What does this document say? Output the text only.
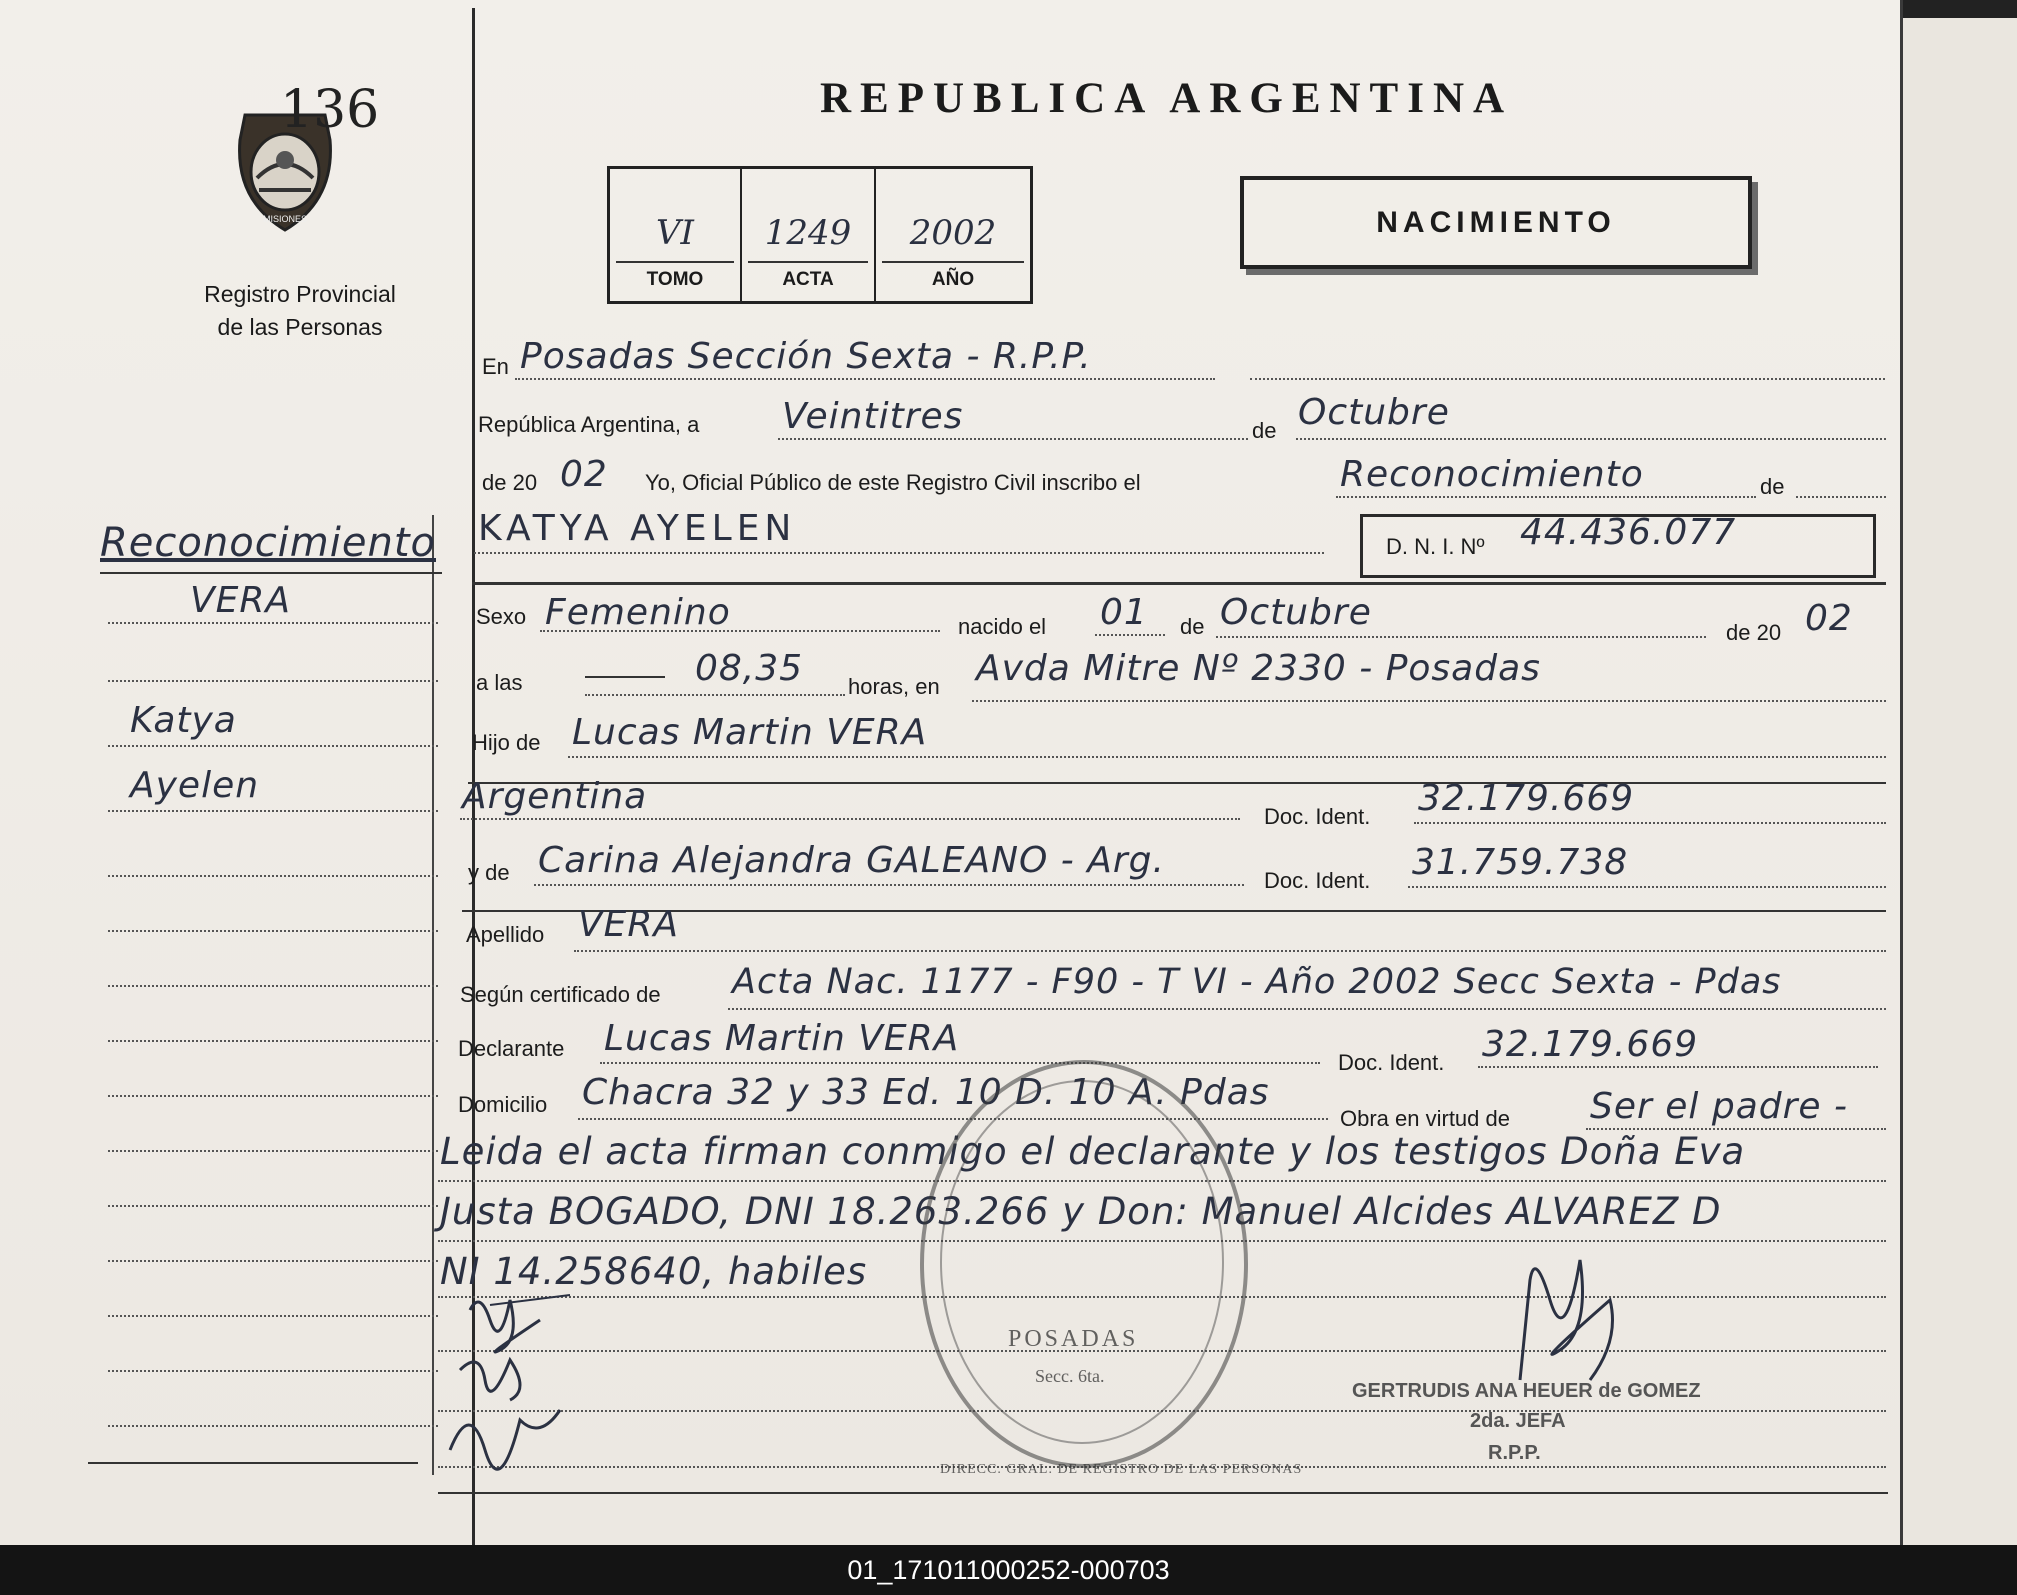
MISIONES
136
Registro Provincial
de las Personas
REPUBLICA ARGENTINA
VI
TOMO
1249
ACTA
2002
AÑO
NACIMIENTO
Reconocimiento
VERA
Katya
Ayelen
En Posadas Sección Sexta - R.P.P.
República Argentina, a Veintitres	de Octubre
de 20 02 Yo, Oficial Público de este Registro Civil inscribo el	Reconocimiento	de
KATYA AYELEN	D. N. I. Nº 44.436.077
Sexo Femenino	nacido el 01 de Octubre	de 20 02
a las	08,35 horas, en Avda Mitre Nº 2330 - Posadas
Hijo de Lucas Martin VERA
Argentina	Doc. Ident. 32.179.669
y de Carina Alejandra GALEANO - Arg.	Doc. Ident. 31.759.738
Apellido VERA
Según certificado de Acta Nac. 1177 - F90 - T VI - Año 2002 Secc Sexta - Pdas
Declarante Lucas Martin VERA
Doc. Ident. 32.179.669
Domicilio Chacra 32 y 33 Ed. 10 D. 10 A. Pdas
Obra en virtud de Ser el padre -
Leida el acta firman conmigo el declarante y los testigos Doña Eva
Justa BOGADO, DNI 18.263.266 y Don: Manuel Alcides ALVAREZ D
NI 14.258640, habiles
POSADAS
Secc. 6ta.
DIRECC. GRAL. DE REGISTRO DE LAS PERSONAS
GERTRUDIS ANA HEUER de GOMEZ
2da. JEFA
R.P.P.
01_171011000252-000703
